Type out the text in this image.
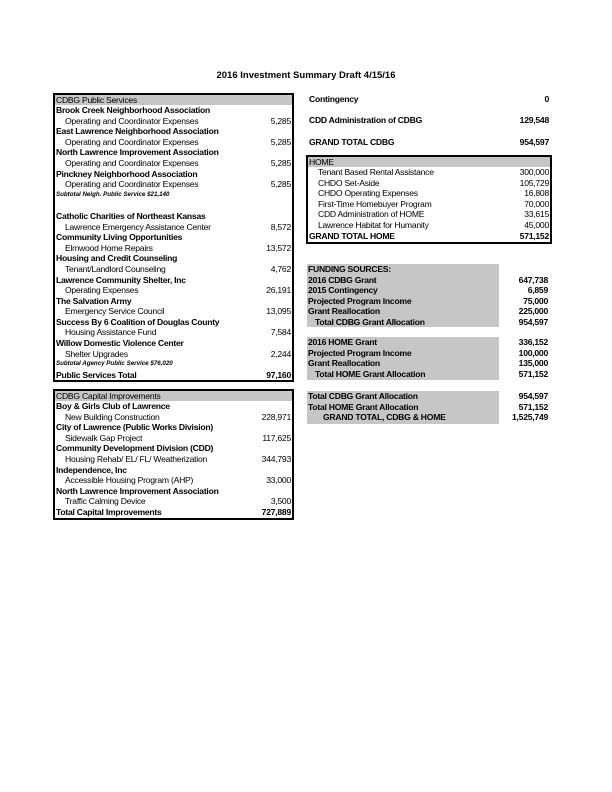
2016 Investment Summary Draft 4/15/16
CDBG Public Services
Brook Creek Neighborhood Association
Operating and Coordinator Expenses	5,285
East Lawrence Neighborhood Association
Operating and Coordinator Expenses	5,285
North Lawrence Improvement Association
Operating and Coordinator Expenses	5,285
Pinckney Neighborhood Association
Operating and Coordinator Expenses	5,285
Subtotal Neigh. Public Service $21,140
Catholic Charities of Northeast Kansas
Lawrence Emergency Assistance Center	8,572
Community Living Opportunities
Elmwood Home Repairs	13,572
Housing and Credit Counseling
Tenant/Landlord Counseling	4,762
Lawrence Community Shelter, Inc
Operating Expenses	26,191
The Salvation Army
Emergency Service Council	13,095
Success By 6 Coalition of Douglas County
Housing Assistance Fund	7,584
Willow Domestic Violence Center
Shelter Upgrades	2,244
Subtotal Agency Public Service $76,020
Public Services Total	97,160
CDBG Capital Improvements
Boy & Girls Club of Lawrence
New Building Construction	228,971
City of Lawrence (Public Works Division)
Sidewalk Gap Project	117,625
Community Development Division (CDD)
Housing Rehab/ EL/ FL/ Weatherization	344,793
Independence, Inc
Accessible Housing Program (AHP)	33,000
North Lawrence Improvement Association
Traffic Calming Device	3,500
Total Capital Improvements	727,889
Contingency	0
CDD Administration of CDBG	129,548
GRAND TOTAL CDBG	954,597
HOME
Tenant Based Rental Assistance	300,000
CHDO Set-Aside	105,729
CHDO Operating Expenses	16,808
First-Time Homebuyer Program	70,000
CDD Administration of HOME	33,615
Lawrence Habitat for Humanity	45,000
GRAND TOTAL HOME	571,152
FUNDING SOURCES:
2016 CDBG Grant	647,738
2015 Contingency	6,859
Projected Program Income	75,000
Grant Reallocation	225,000
Total CDBG Grant Allocation	954,597
2016 HOME Grant	336,152
Projected Program Income	100,000
Grant Reallocation	135,000
Total HOME Grant Allocation	571,152
Total CDBG Grant Allocation	954,597
Total HOME Grant Allocation	571,152
GRAND TOTAL, CDBG & HOME	1,525,749
